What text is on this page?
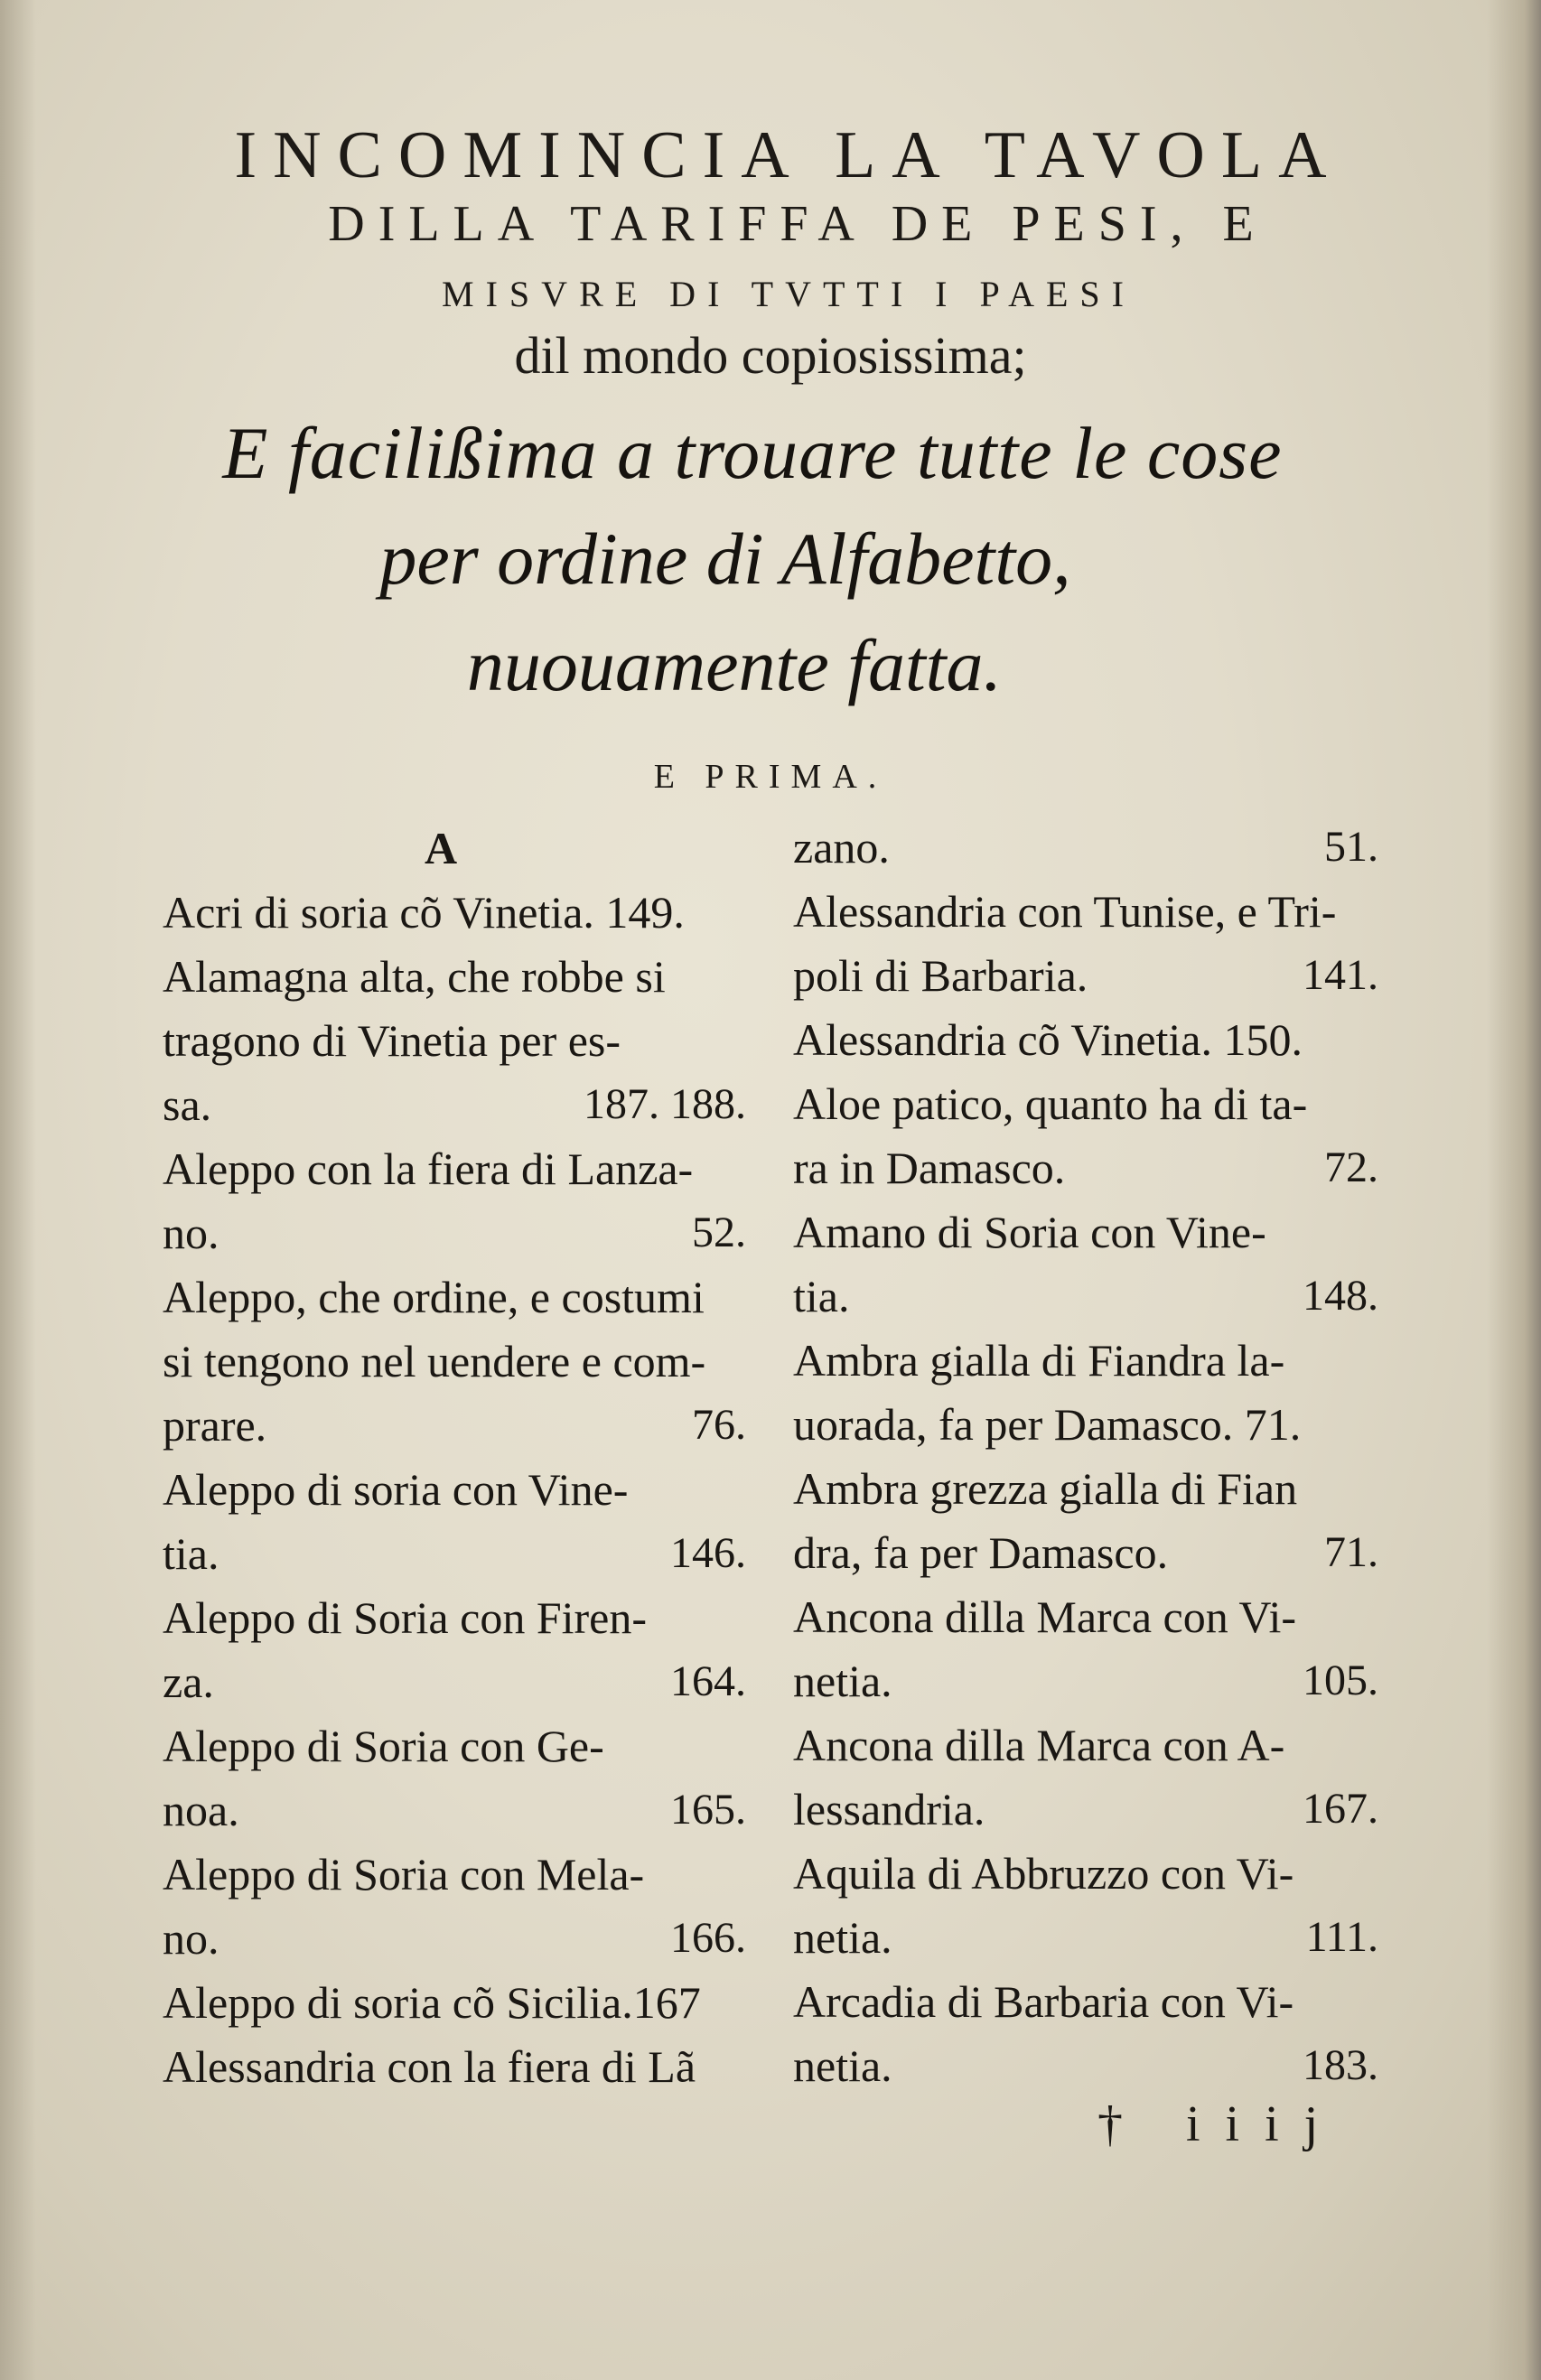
INCOMINCIA LA TAVOLA
DILLA TARIFFA DE PESI, E
MISVRE DI TVTTI I PAESI
dil mondo copiosissima;
E facilißima a trouare tutte le cose
per ordine di Alfabetto,
nuouamente fatta.
E PRIMA.
A
† iiij
Acri di soria cõ Vinetia. 149.
Alamagna alta, che robbe si
tragono di Vinetia per es-
sa.	187. 188.
Aleppo con la fiera di Lanza-
no.	52.
Aleppo, che ordine, e costumi
si tengono nel uendere e com-
prare.	76.
Aleppo di soria con Vine-
tia.	146.
Aleppo di Soria con Firen-
za.	164.
Aleppo di Soria con Ge-
noa.	165.
Aleppo di Soria con Mela-
no.	166.
Aleppo di soria cõ Sicilia.167
Alessandria con la fiera di Lã
zano.	51.
Alessandria con Tunise, e Tri-
poli di Barbaria.	141.
Alessandria cõ Vinetia. 150.
Aloe patico, quanto ha di ta-
ra in Damasco.	72.
Amano di Soria con Vine-
tia.	148.
Ambra gialla di Fiandra la-
uorada, fa per Damasco. 71.
Ambra grezza gialla di Fian
dra, fa per Damasco.	71.
Ancona dilla Marca con Vi-
netia.	105.
Ancona dilla Marca con A-
lessandria.	167.
Aquila di Abbruzzo con Vi-
netia.	111.
Arcadia di Barbaria con Vi-
netia.	183.
